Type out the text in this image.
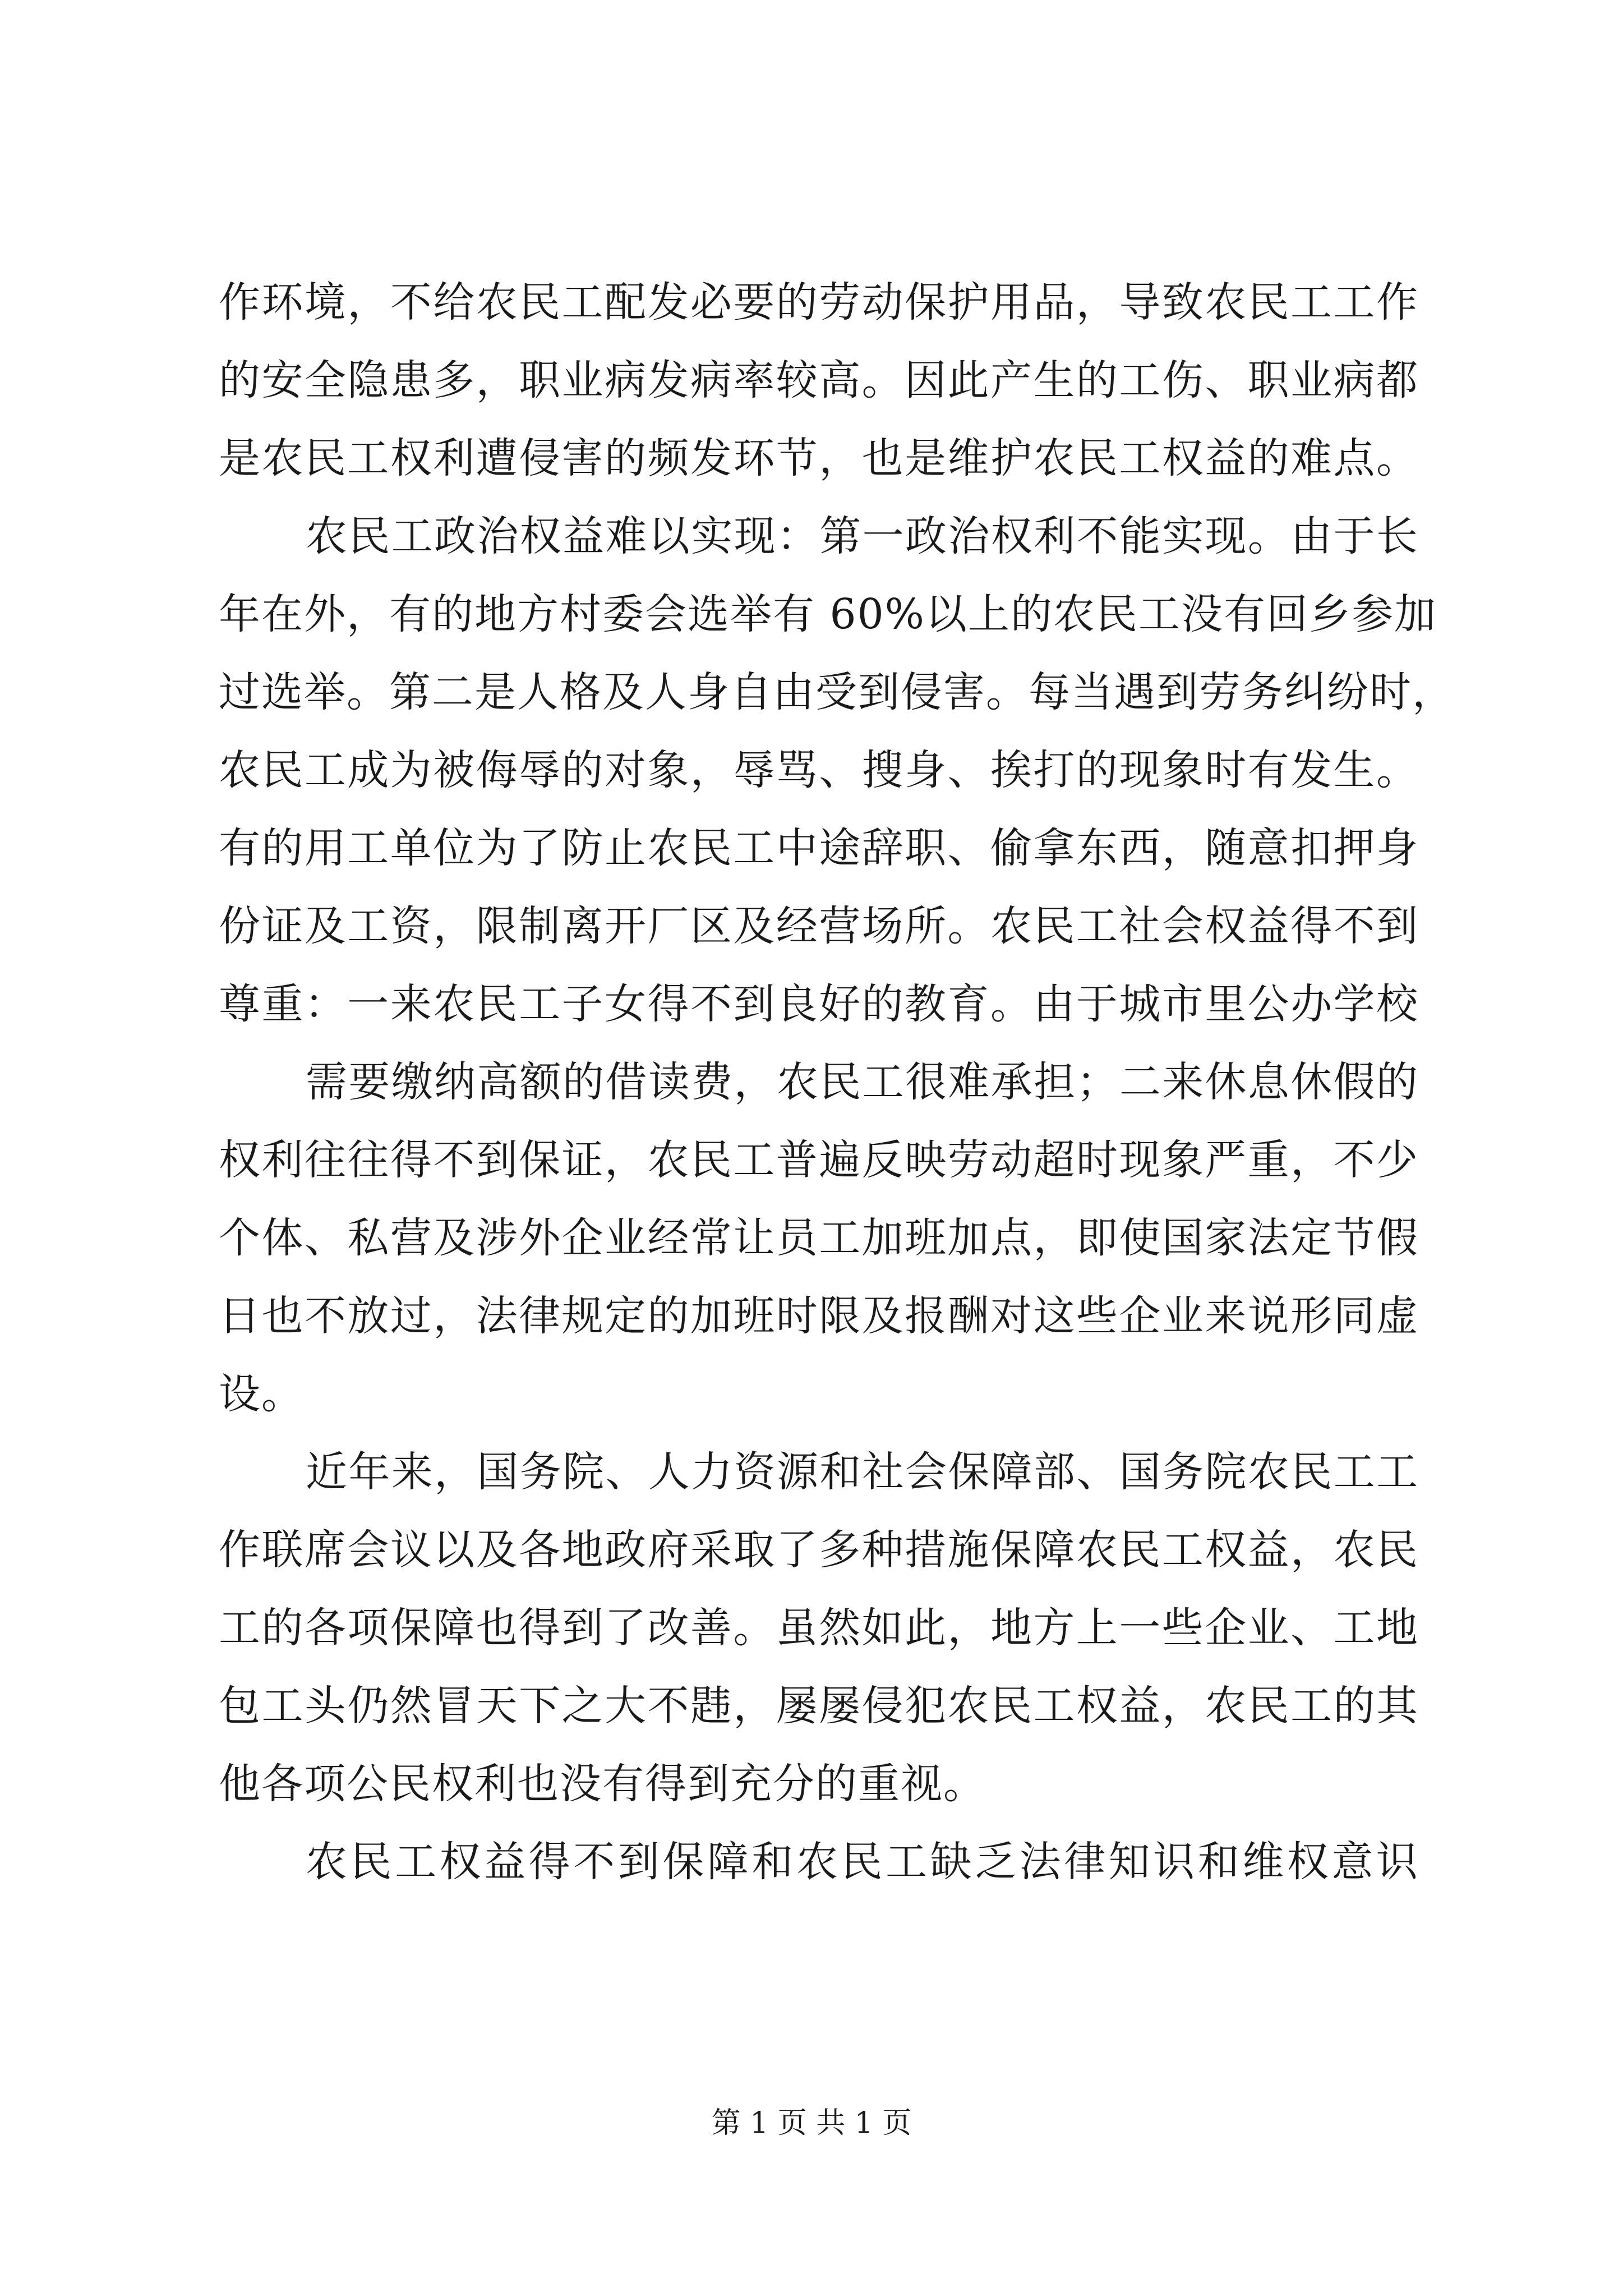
作环境，不给农民工配发必要的劳动保护用品，导致农民工工作
的安全隐患多，职业病发病率较高。因此产生的工伤、职业病都
是农民工权利遭侵害的频发环节，也是维护农民工权益的难点。
农民工政治权益难以实现：第一政治权利不能实现。由于长
年在外，有的地方村委会选举有 60%以上的农民工没有回乡参加
过选举。第二是人格及人身自由受到侵害。每当遇到劳务纠纷时，
农民工成为被侮辱的对象，辱骂、搜身、挨打的现象时有发生。
有的用工单位为了防止农民工中途辞职、偷拿东西，随意扣押身
份证及工资，限制离开厂区及经营场所。农民工社会权益得不到
尊重：一来农民工子女得不到良好的教育。由于城市里公办学校
需要缴纳高额的借读费，农民工很难承担；二来休息休假的
权利往往得不到保证，农民工普遍反映劳动超时现象严重，不少
个体、私营及涉外企业经常让员工加班加点，即使国家法定节假
日也不放过，法律规定的加班时限及报酬对这些企业来说形同虚
设。
近年来，国务院、人力资源和社会保障部、国务院农民工工
作联席会议以及各地政府采取了多种措施保障农民工权益，农民
工的各项保障也得到了改善。虽然如此，地方上一些企业、工地
包工头仍然冒天下之大不韪，屡屡侵犯农民工权益，农民工的其
他各项公民权利也没有得到充分的重视。
农民工权益得不到保障和农民工缺乏法律知识和维权意识
第 1 页 共 1 页
